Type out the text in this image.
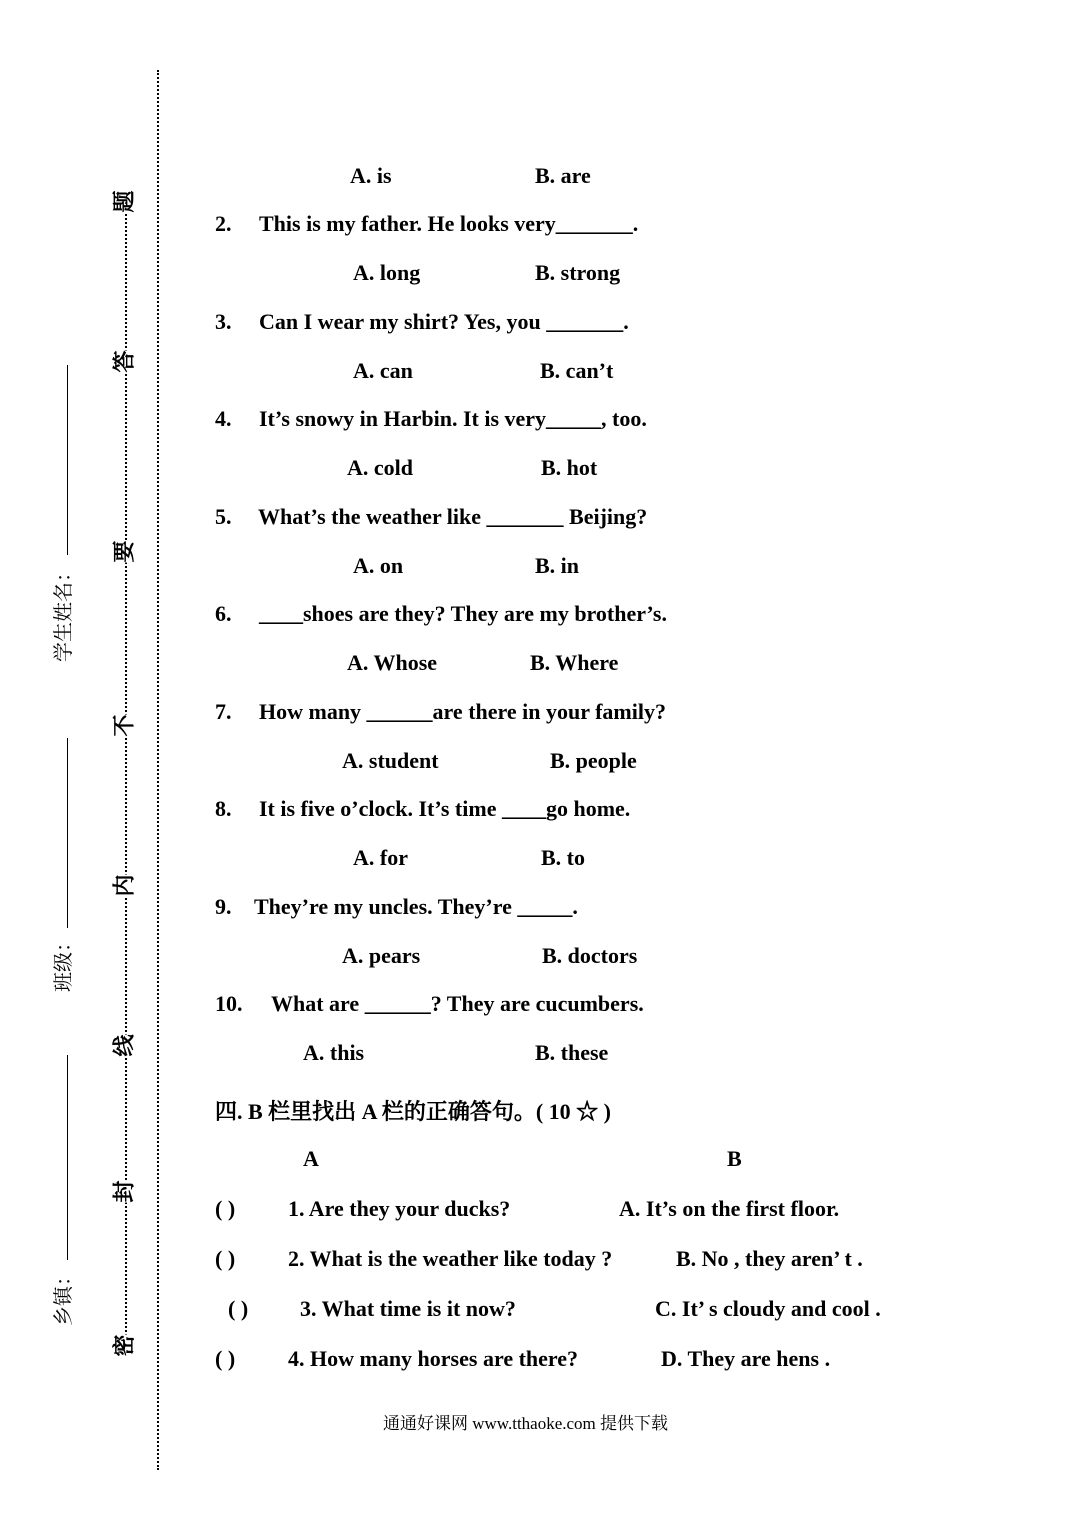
题
答
要
不
内
线
封
密
学生姓名：
班级：
乡镇：
A. is	B. are
2. This is my father. He looks very_______.
A. long	B. strong
3. Can I wear my shirt? Yes, you _______.
A. can	B. can’t
4. It’s snowy in Harbin. It is very_____, too.
A. cold	B. hot
5. What’s the weather like _______ Beijing?
A. on	B. in
6. ____shoes are they? They are my brother’s.
A. Whose	B. Where
7. How many ______are there in your family?
A. student	B. people
8. It is five o’clock. It’s time ____go home.
A. for	B. to
9. They’re my uncles. They’re _____.
A. pears	B. doctors
10. What are ______? They are cucumbers.
A. this	B. these
四. B 栏里找出 A 栏的正确答句。( 10 ☆ )
A	B
( ) 1. Are they your ducks?	A. It’s on the first floor.
( ) 2. What is the weather like today ?	B. No , they aren’ t .
( ) 3. What time is it now?	C. It’ s cloudy and cool .
( ) 4. How many horses are there?	D. They are hens .
通通好课网 www.tthaoke.com 提供下载
